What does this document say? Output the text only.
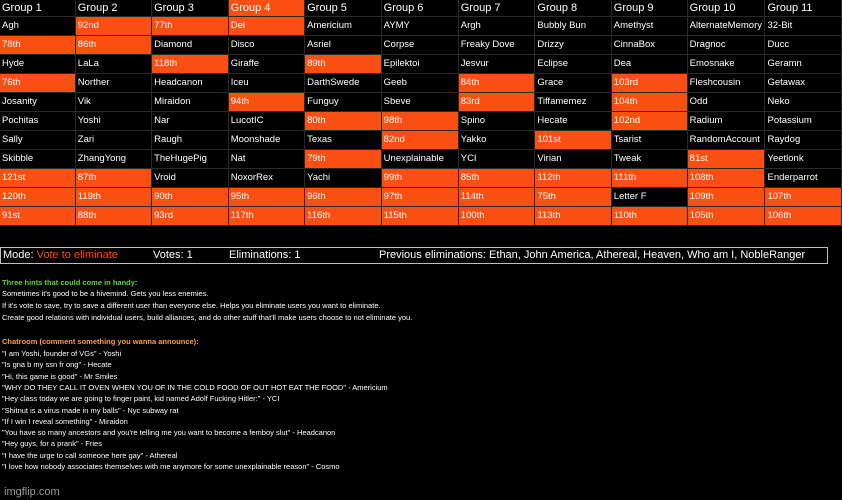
Group 1	Group 2	Group 3	Group 4	Group 5	Group 6	Group 7	Group 8	Group 9	Group 10	Group 11
Agh	92nd	77th	Del	Americium	AYMY	Argh	Bubbly Bun	Amethyst	AlternateMemory	32-Bit
78th	86th	Diamond	Disco	Asriel	Corpse	Freaky Dove	Drizzy	CinnaBox	Dragnoc	Ducc
Hyde	LaLa	118th	Giraffe	89th	Epilektoi	Jesvur	Eclipse	Dea	Emosnake	Geramn
76th	Norther	Headcanon	Iceu	DarthSwede	Geeb	84th	Grace	103rd	Fleshcousin	Getawax
Josanity	Vik	Miraidon	94th	Funguy	Sbeve	83rd	Tiffamemez	104th	Odd	Neko
Pochitas	Yoshi	Nar	LucotIC	80th	98th	Spino	Hecate	102nd	Radium	Potassium
Sally	Zari	Raugh	Moonshade	Texas	82nd	Yakko	101st	Tsarist	RandomAccount	Raydog
Skibble	ZhangYong	TheHugePig	Nat	79th	Unexplainable	YCI	Virian	Tweak	81st	Yeetlonk
121st	87th	Vroid	NoxorRex	Yachi	99th	85th	112th	111th	108th	Enderparrot
120th	119th	90th	95th	96th	97th	114th	75th	Letter F	109th	107th
91st	88th	93rd	117th	116th	115th	100th	113th	110th	105th	106th
Mode: Vote to eliminate	Votes: 1	Eliminations: 1	Previous eliminations: Ethan, John America, Athereal, Heaven, Who am I, NobleRanger
Three hints that could come in handy:
Sometimes it's good to be a hivemind. Gets you less enemies.
If it's vote to save, try to save a different user than everyone else. Helps you eliminate users you want to eliminate.
Create good relations with individual users, build alliances, and do other stuff that'll make users choose to not eliminate you.
Chatroom (comment something you wanna announce):
"I am Yoshi, founder of VGs" - Yoshi
"Is gna b my ssn fr ong" - Hecate
"Hi, this game is good" - Mr Smiles
"WHY DO THEY CALL IT OVEN WHEN YOU OF IN THE COLD FOOD OF OUT HOT EAT THE FOOD" - Americium
"Hey class today we are going to finger paint, kid named Adolf Fucking Hitler:" - YCI
"Shitnut is a virus made in my balls" - Nyc subway rat
"If I win I reveal something" - Miraidon
"You have so many ancestors and you're telling me you want to become a femboy slut" - Headcanon
"Hey guys, for a prank" - Fries
"I have the urge to call someone here gay" - Athereal
"I love how nobody associates themselves with me anymore for some unexplainable reason" - Cosmo
imgflip.com
